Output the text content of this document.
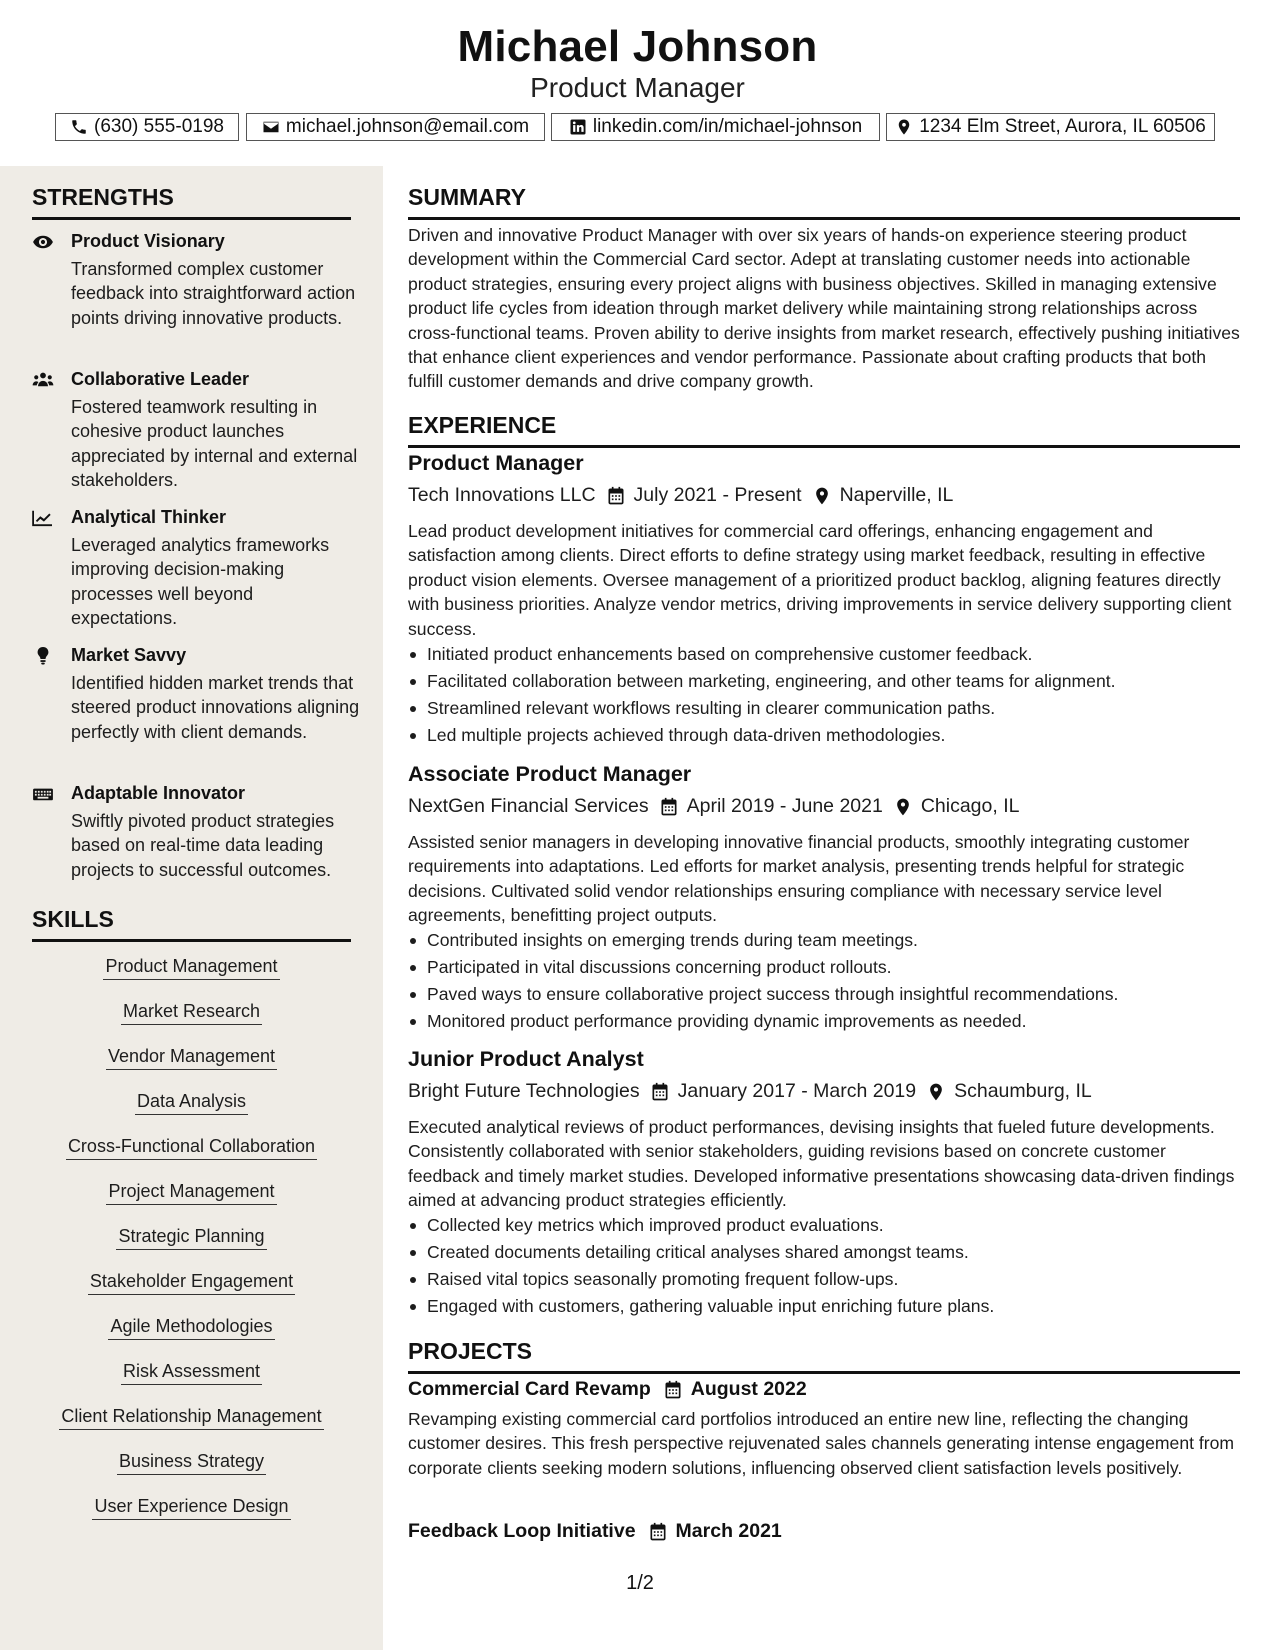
Michael Johnson
Product Manager
(630) 555-0198	michael.johnson@email.com	linkedin.com/in/michael-johnson	1234 Elm Street, Aurora, IL 60506
STRENGTHS
Product Visionary
Transformed complex customer feedback into straightforward action points driving innovative products.
Collaborative Leader
Fostered teamwork resulting in cohesive product launches appreciated by internal and external stakeholders.
Analytical Thinker
Leveraged analytics frameworks improving decision-making processes well beyond expectations.
Market Savvy
Identified hidden market trends that steered product innovations aligning perfectly with client demands.
Adaptable Innovator
Swiftly pivoted product strategies based on real-time data leading projects to successful outcomes.
SKILLS
Product Management
Market Research
Vendor Management
Data Analysis
Cross-Functional Collaboration
Project Management
Strategic Planning
Stakeholder Engagement
Agile Methodologies
Risk Assessment
Client Relationship Management
Business Strategy
User Experience Design
SUMMARY
Driven and innovative Product Manager with over six years of hands-on experience steering product development within the Commercial Card sector. Adept at translating customer needs into actionable product strategies, ensuring every project aligns with business objectives. Skilled in managing extensive product life cycles from ideation through market delivery while maintaining strong relationships across cross-functional teams. Proven ability to derive insights from market research, effectively pushing initiatives that enhance client experiences and vendor performance. Passionate about crafting products that both fulfill customer demands and drive company growth.
EXPERIENCE
Product Manager
Tech Innovations LLC July 2021 - Present Naperville, IL
Lead product development initiatives for commercial card offerings, enhancing engagement and satisfaction among clients. Direct efforts to define strategy using market feedback, resulting in effective product vision elements. Oversee management of a prioritized product backlog, aligning features directly with business priorities. Analyze vendor metrics, driving improvements in service delivery supporting client success.
Initiated product enhancements based on comprehensive customer feedback.
Facilitated collaboration between marketing, engineering, and other teams for alignment.
Streamlined relevant workflows resulting in clearer communication paths.
Led multiple projects achieved through data-driven methodologies.
Associate Product Manager
NextGen Financial Services April 2019 - June 2021 Chicago, IL
Assisted senior managers in developing innovative financial products, smoothly integrating customer requirements into adaptations. Led efforts for market analysis, presenting trends helpful for strategic decisions. Cultivated solid vendor relationships ensuring compliance with necessary service level agreements, benefitting project outputs.
Contributed insights on emerging trends during team meetings.
Participated in vital discussions concerning product rollouts.
Paved ways to ensure collaborative project success through insightful recommendations.
Monitored product performance providing dynamic improvements as needed.
Junior Product Analyst
Bright Future Technologies January 2017 - March 2019 Schaumburg, IL
Executed analytical reviews of product performances, devising insights that fueled future developments. Consistently collaborated with senior stakeholders, guiding revisions based on concrete customer feedback and timely market studies. Developed informative presentations showcasing data-driven findings aimed at advancing product strategies efficiently.
Collected key metrics which improved product evaluations.
Created documents detailing critical analyses shared amongst teams.
Raised vital topics seasonally promoting frequent follow-ups.
Engaged with customers, gathering valuable input enriching future plans.
PROJECTS
Commercial Card Revamp August 2022
Revamping existing commercial card portfolios introduced an entire new line, reflecting the changing customer desires. This fresh perspective rejuvenated sales channels generating intense engagement from corporate clients seeking modern solutions, influencing observed client satisfaction levels positively.
Feedback Loop Initiative March 2021
1/2
